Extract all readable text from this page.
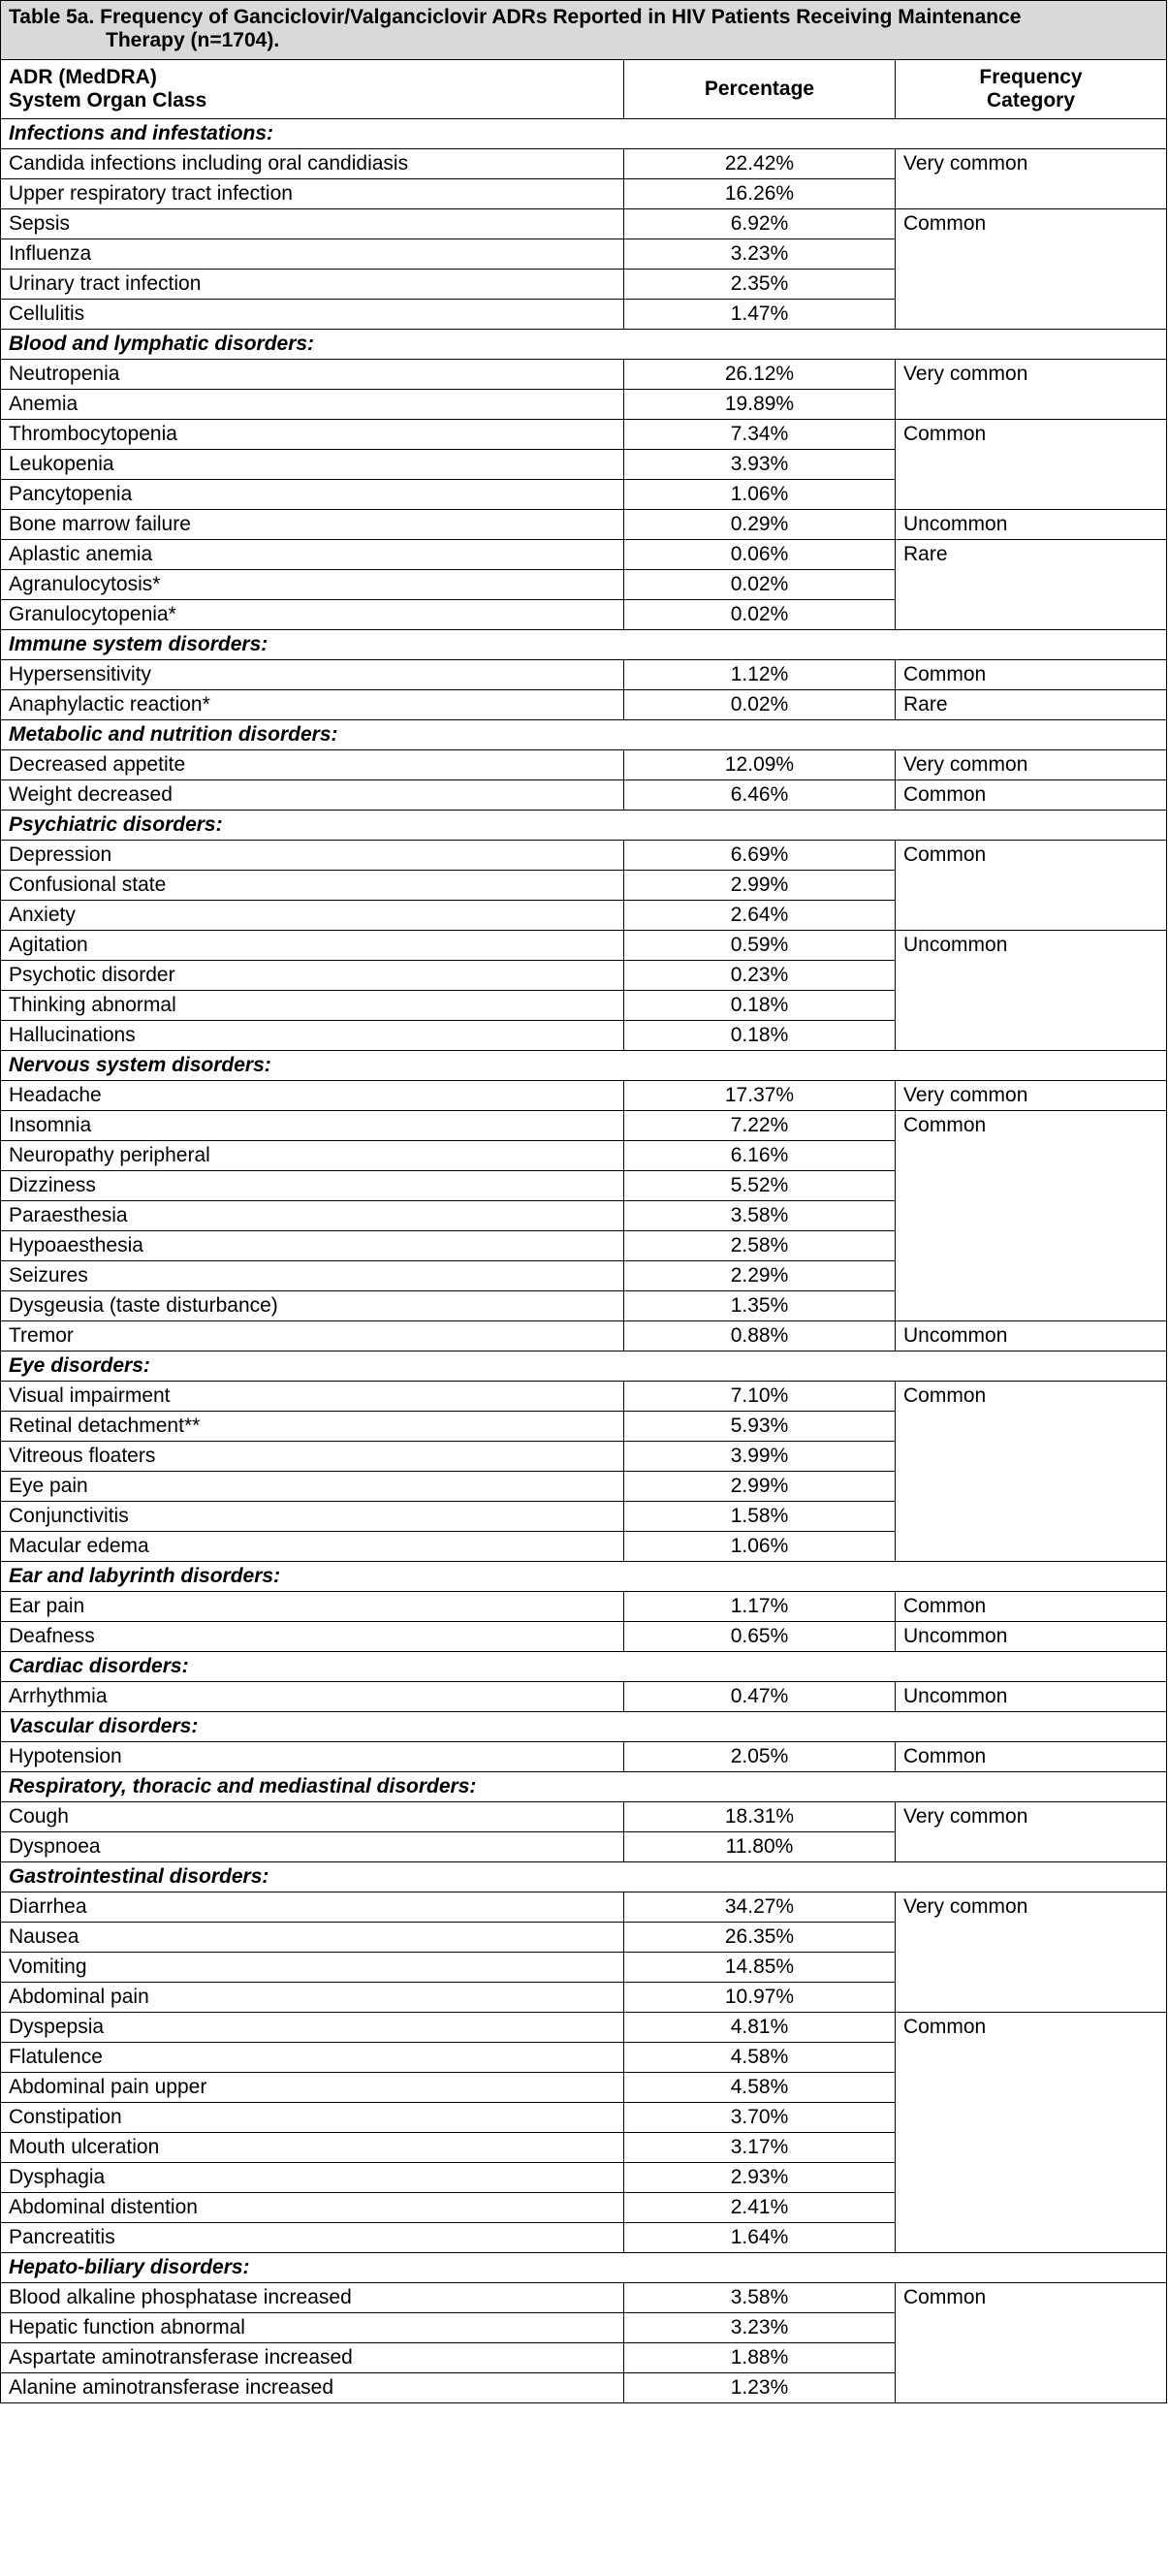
Table 5a. Frequency of Ganciclovir/Valganciclovir ADRs Reported in HIV Patients Receiving Maintenance
Therapy (n=1704).		

ADR (MedDRA)
System Organ Class	Percentage	Frequency
Category
Infections and infestations:		
Candida infections including oral candidiasis	22.42%	Very common
Upper respiratory tract infection	16.26%	
Sepsis	6.92%	Common
Influenza	3.23%	
Urinary tract infection	2.35%	
Cellulitis	1.47%	
Blood and lymphatic disorders:		
Neutropenia	26.12%	Very common
Anemia	19.89%	
Thrombocytopenia	7.34%	Common
Leukopenia	3.93%	
Pancytopenia	1.06%	
Bone marrow failure	0.29%	Uncommon
Aplastic anemia	0.06%	Rare
Agranulocytosis*	0.02%	
Granulocytopenia*	0.02%	
Immune system disorders:		
Hypersensitivity	1.12%	Common
Anaphylactic reaction*	0.02%	Rare
Metabolic and nutrition disorders:		
Decreased appetite	12.09%	Very common
Weight decreased	6.46%	Common
Psychiatric disorders:		
Depression	6.69%	Common
Confusional state	2.99%	
Anxiety	2.64%	
Agitation	0.59%	Uncommon
Psychotic disorder	0.23%	
Thinking abnormal	0.18%	
Hallucinations	0.18%	
Nervous system disorders:		
Headache	17.37%	Very common
Insomnia	7.22%	Common
Neuropathy peripheral	6.16%	
Dizziness	5.52%	
Paraesthesia	3.58%	
Hypoaesthesia	2.58%	
Seizures	2.29%	
Dysgeusia (taste disturbance)	1.35%	
Tremor	0.88%	Uncommon
Eye disorders:		
Visual impairment	7.10%	Common
Retinal detachment**	5.93%	
Vitreous floaters	3.99%	
Eye pain	2.99%	
Conjunctivitis	1.58%	
Macular edema	1.06%	
Ear and labyrinth disorders:		
Ear pain	1.17%	Common
Deafness	0.65%	Uncommon
Cardiac disorders:		
Arrhythmia	0.47%	Uncommon
Vascular disorders:		
Hypotension	2.05%	Common
Respiratory, thoracic and mediastinal disorders:		
Cough	18.31%	Very common
Dyspnoea	11.80%	
Gastrointestinal disorders:		
Diarrhea	34.27%	Very common
Nausea	26.35%	
Vomiting	14.85%	
Abdominal pain	10.97%	
Dyspepsia	4.81%	Common
Flatulence	4.58%	
Abdominal pain upper	4.58%	
Constipation	3.70%	
Mouth ulceration	3.17%	
Dysphagia	2.93%	
Abdominal distention	2.41%	
Pancreatitis	1.64%	
Hepato-biliary disorders:		
Blood alkaline phosphatase increased	3.58%	Common
Hepatic function abnormal	3.23%	
Aspartate aminotransferase increased	1.88%	
Alanine aminotransferase increased	1.23%	
